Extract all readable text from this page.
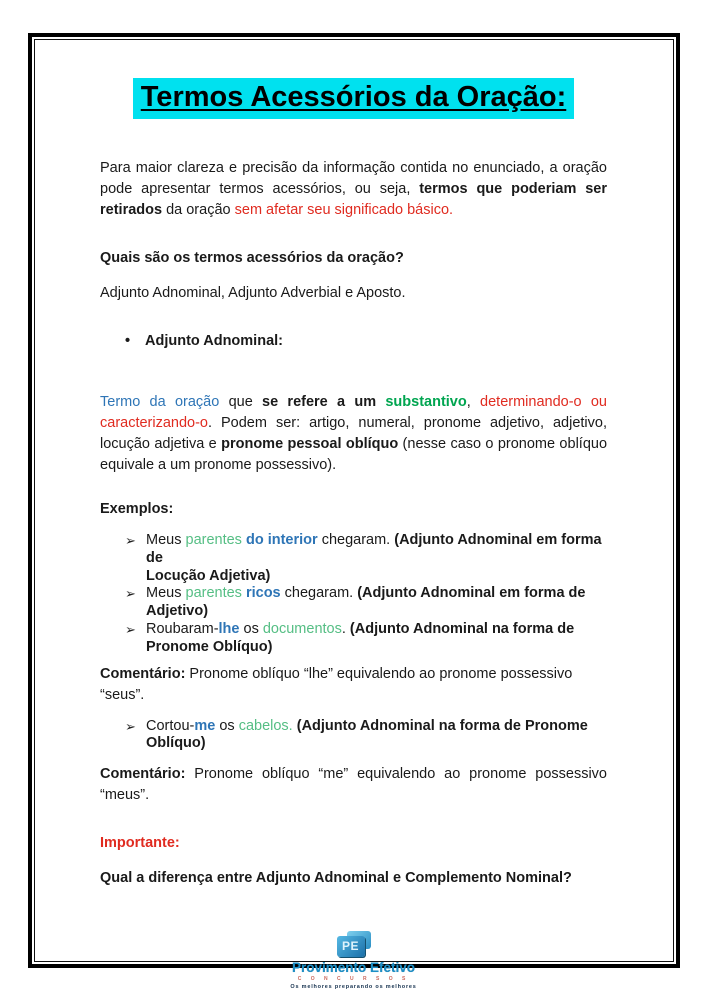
Termos Acessórios da Oração:

Para maior clareza e precisão da informação contida no enunciado, a oração pode apresentar termos acessórios, ou seja, termos que poderiam ser retirados da oração sem afetar seu significado básico.

Quais são os termos acessórios da oração?

Adjunto Adnominal, Adjunto Adverbial e Aposto.

• Adjunto Adnominal:

Termo da oração que se refere a um substantivo, determinando-o ou caracterizando-o. Podem ser: artigo, numeral, pronome adjetivo, adjetivo, locução adjetiva e pronome pessoal oblíquo (nesse caso o pronome oblíquo equivale a um pronome possessivo).

Exemplos:

➢ Meus parentes do interior chegaram. (Adjunto Adnominal em forma de
Locução Adjetiva)
➢ Meus parentes ricos chegaram. (Adjunto Adnominal em forma de
Adjetivo)
➢ Roubaram-lhe os documentos. (Adjunto Adnominal na forma de
Pronome Oblíquo)

Comentário: Pronome oblíquo “lhe” equivalendo ao pronome possessivo “seus”.

➢ Cortou-me os cabelos. (Adjunto Adnominal na forma de Pronome
Oblíquo)

Comentário: Pronome oblíquo “me” equivalendo ao pronome possessivo “meus”.

Importante:

Qual a diferença entre Adjunto Adnominal e Complemento Nominal?

PE
Provimento Efetivo
C O N C U R S O S
Os melhores preparando os melhores
